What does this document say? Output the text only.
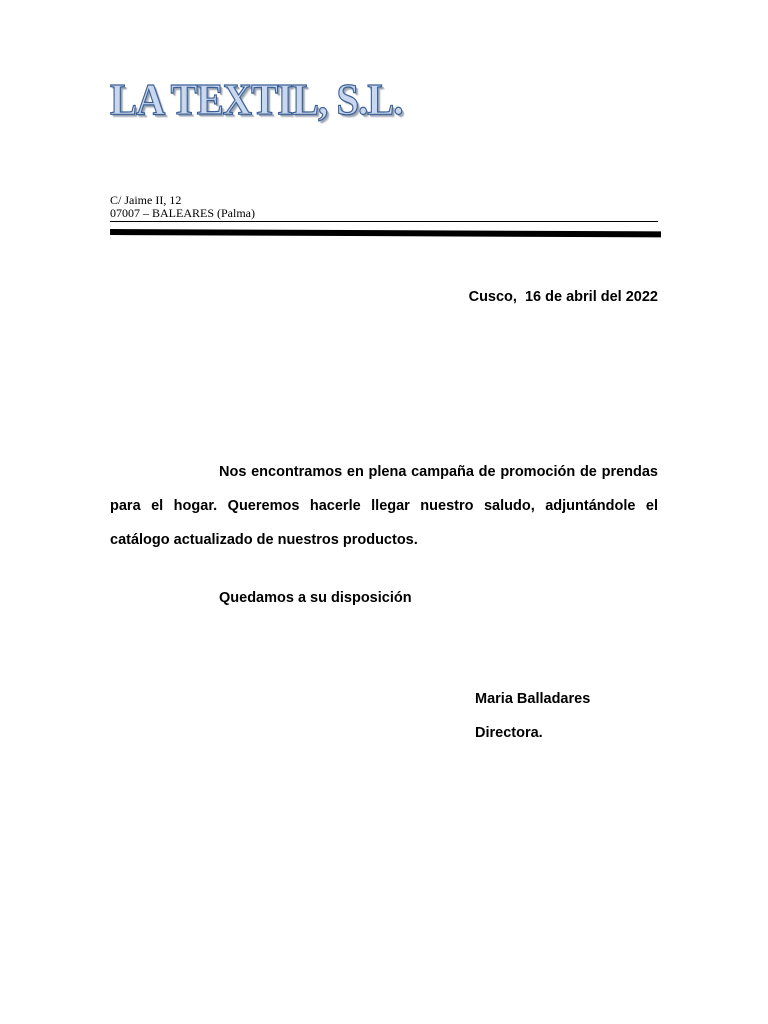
LA TEXTIL, S.L.
C/ Jaime II, 12
07007 – BALEARES (Palma)
Cusco,  16 de abril del 2022
Nos encontramos en plena campaña de promoción de prendas para el hogar. Queremos hacerle llegar nuestro saludo, adjuntándole el catálogo actualizado de nuestros productos.
Quedamos a su disposición
Maria Balladares
Directora.
